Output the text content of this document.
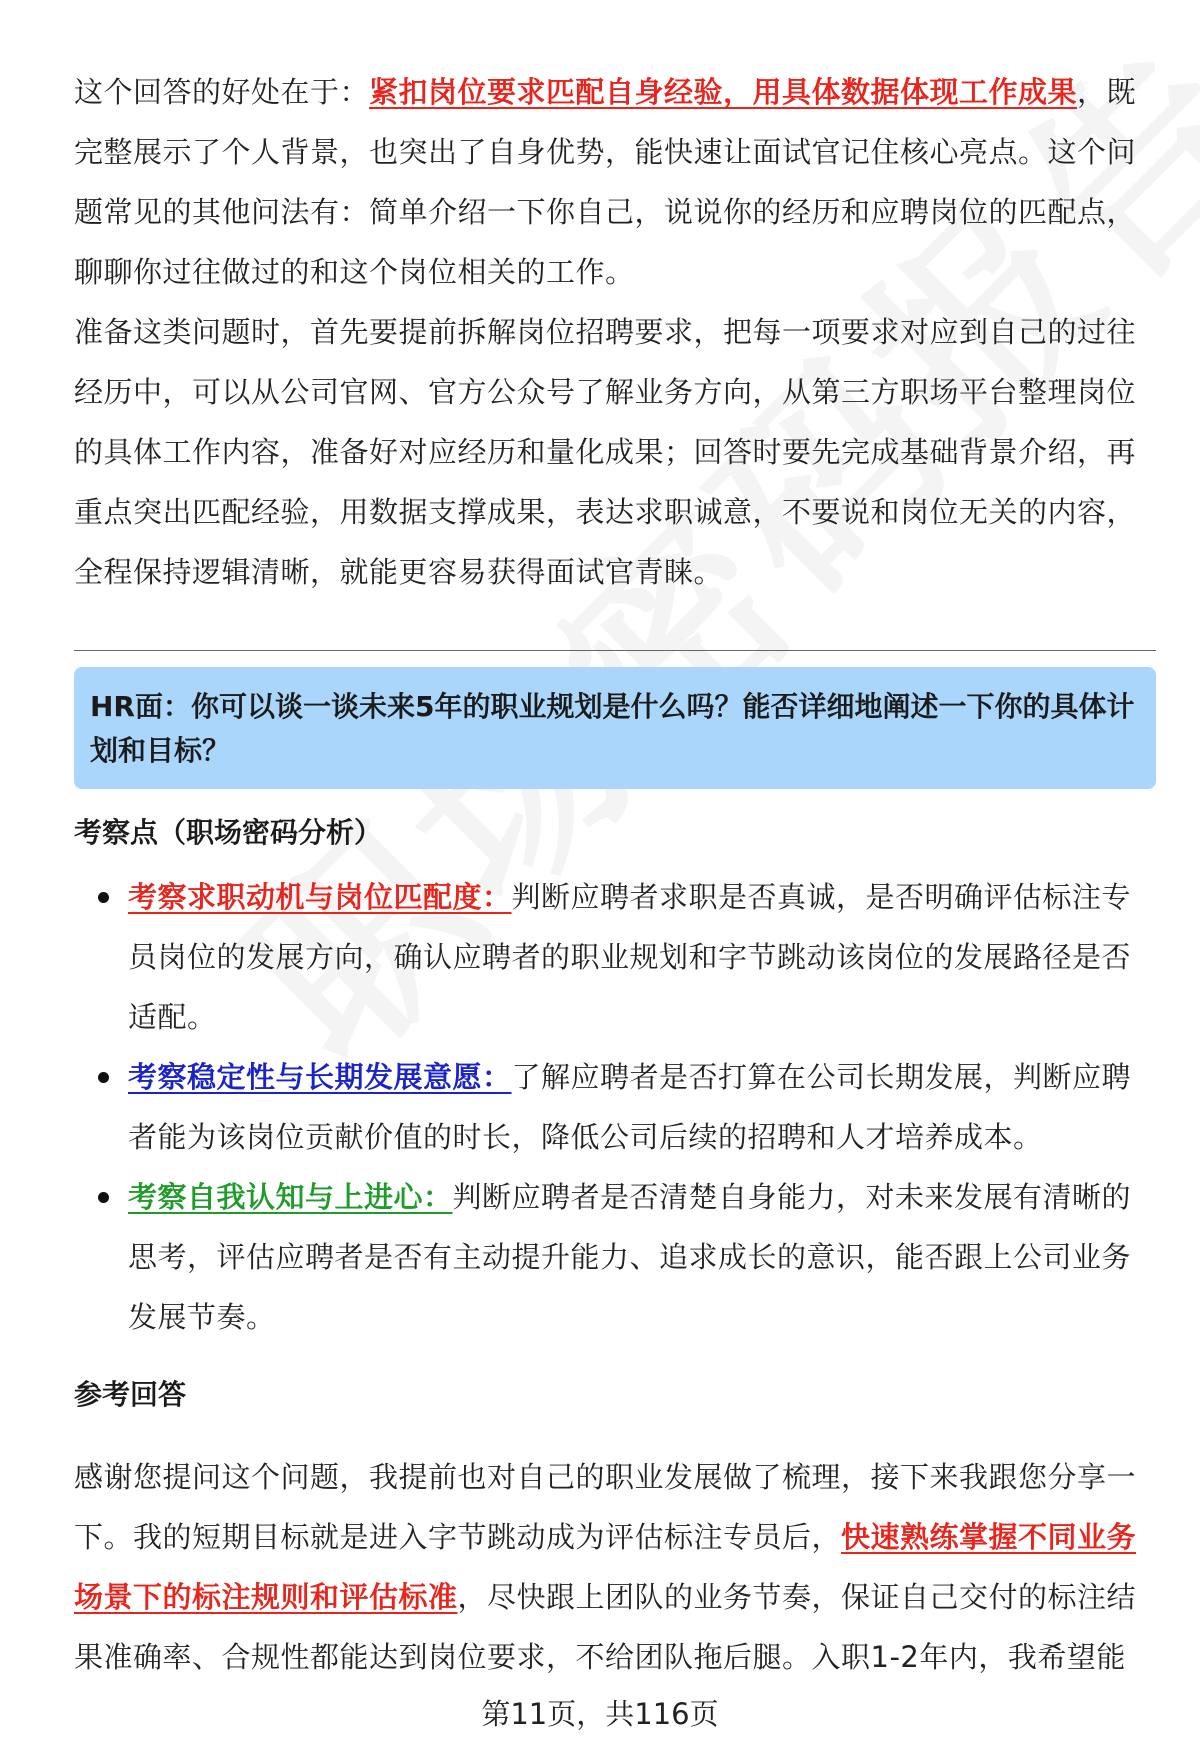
这个回答的好处在于：紧扣岗位要求匹配自身经验，用具体数据体现工作成果，既完整展示了个人背景，也突出了自身优势，能快速让面试官记住核心亮点。这个问题常见的其他问法有：简单介绍一下你自己，说说你的经历和应聘岗位的匹配点，聊聊你过往做过的和这个岗位相关的工作。

准备这类问题时，首先要提前拆解岗位招聘要求，把每一项要求对应到自己的过往经历中，可以从公司官网、官方公众号了解业务方向，从第三方职场平台整理岗位的具体工作内容，准备好对应经历和量化成果；回答时要先完成基础背景介绍，再重点突出匹配经验，用数据支撑成果，表达求职诚意，不要说和岗位无关的内容，全程保持逻辑清晰，就能更容易获得面试官青睐。

HR面：你可以谈一谈未来5年的职业规划是什么吗？能否详细地阐述一下你的具体计划和目标？
考察点（职场密码分析）
考察求职动机与岗位匹配度：判断应聘者求职是否真诚，是否明确评估标注专员岗位的发展方向，确认应聘者的职业规划和字节跳动该岗位的发展路径是否适配。
考察稳定性与长期发展意愿：了解应聘者是否打算在公司长期发展，判断应聘者能为该岗位贡献价值的时长，降低公司后续的招聘和人才培养成本。
考察自我认知与上进心：判断应聘者是否清楚自身能力，对未来发展有清晰的思考，评估应聘者是否有主动提升能力、追求成长的意识，能否跟上公司业务发展节奏。
参考回答

感谢您提问这个问题，我提前也对自己的职业发展做了梳理，接下来我跟您分享一下。我的短期目标就是进入字节跳动成为评估标注专员后，快速熟练掌握不同业务场景下的标注规则和评估标准，尽快跟上团队的业务节奏，保证自己交付的标注结果准确率、合规性都能达到岗位要求，不给团队拖后腿。入职1-2年内，我希望能

第11页，共116页
